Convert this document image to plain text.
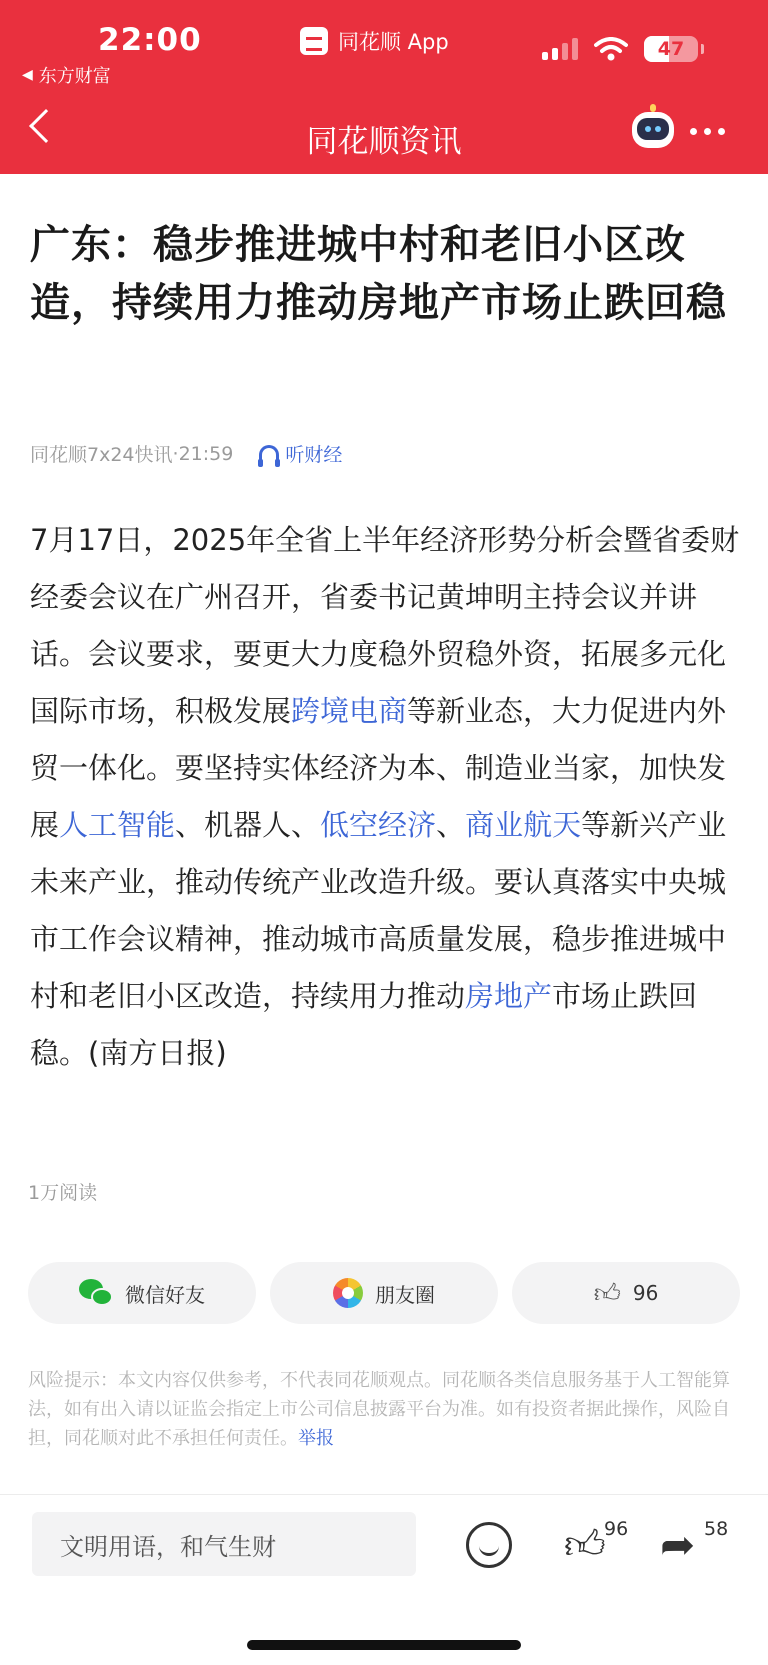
22:00
◀ 东方财富
同花顺 App	47
同花顺资讯
广东：稳步推进城中村和老旧小区改造，持续用力推动房地产市场止跌回稳
同花顺7x24快讯 · 21:59	听财经
7月17日，2025年全省上半年经济形势分析会暨省委财经委会议在广州召开，省委书记黄坤明主持会议并讲话。会议要求，要更大力度稳外贸稳外资，拓展多元化国际市场，积极发展跨境电商等新业态，大力促进内外贸一体化。要坚持实体经济为本、制造业当家，加快发展人工智能、机器人、低空经济、商业航天等新兴产业未来产业，推动传统产业改造升级。要认真落实中央城市工作会议精神，推动城市高质量发展，稳步推进城中村和老旧小区改造，持续用力推动房地产市场止跌回稳。(南方日报)
1万阅读
微信好友	朋友圈	👍︎ 96
风险提示：本文内容仅供参考，不代表同花顺观点。同花顺各类信息服务基于人工智能算法，如有出入请以证监会指定上市公司信息披露平台为准。如有投资者据此操作，风险自担，同花顺对此不承担任何责任。举报
文明用语，和气生财	👍︎
96 ➦ 58
